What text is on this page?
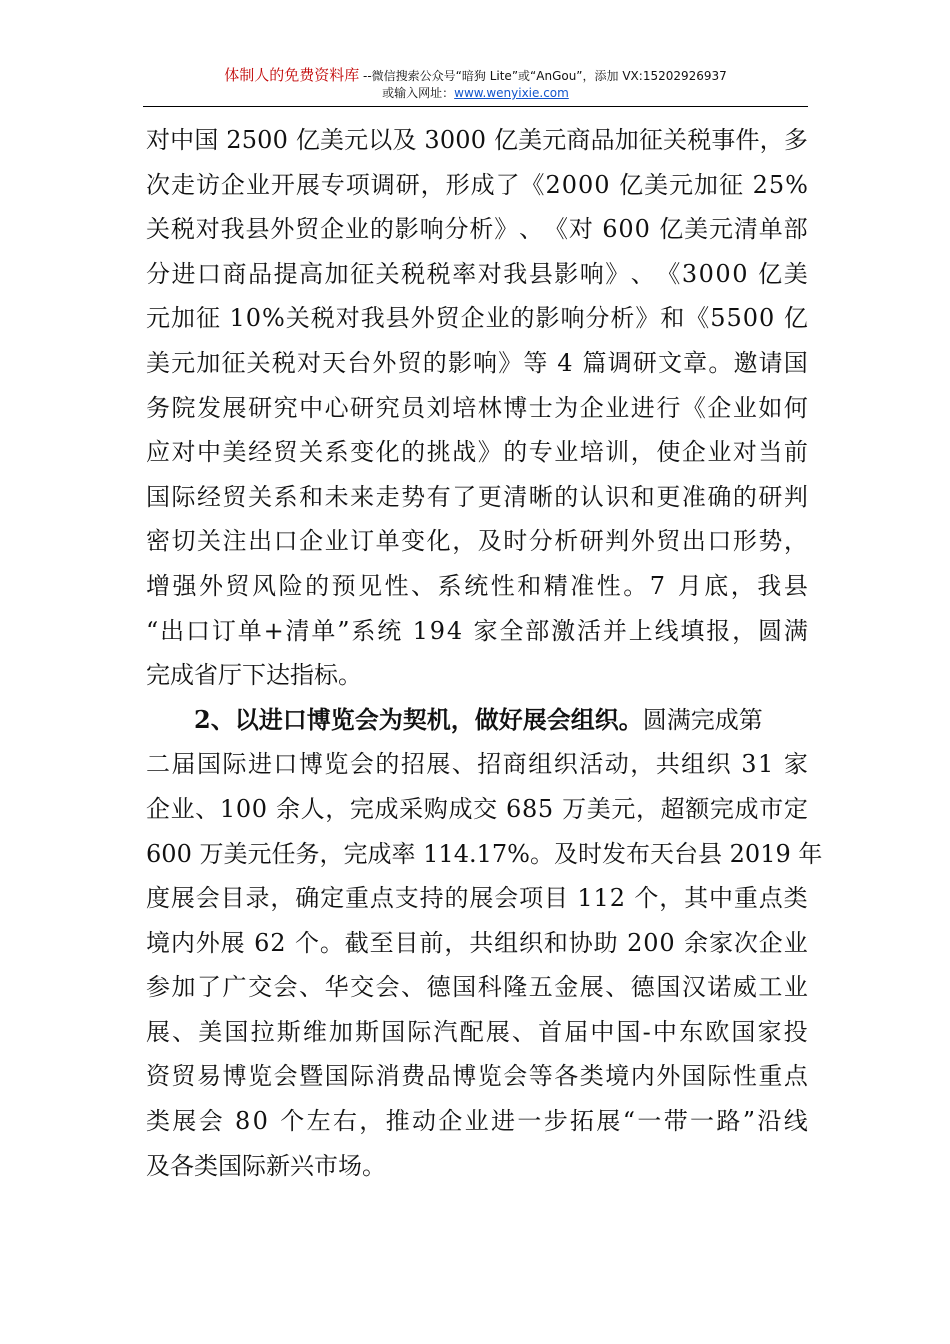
体制人的免费资料库 --微信搜索公众号“暗狗 Lite”或“AnGou”，添加 VX:15202926937
或输入网址：www.wenyixie.com
对 中 国
2 5 0 0
亿 美 元 以 及
3 0 0 0
亿 美 元 商 品 加 征 关 税 事 件 ， 多
次 走 访 企 业 开 展 专 项 调 研 ， 形 成 了 《 2 0 0 0
亿 美 元 加 征
2 5 %
关 税 对 我 县 外 贸 企 业 的 影 响 分 析 》 、 《 对
6 0 0
亿 美 元 清 单 部
分 进 口 商 品 提 高 加 征 关 税 税 率 对 我 县 影 响 》 、 《 3 0 0 0
亿 美
元 加 征
1 0 % 关 税 对 我 县 外 贸 企 业 的 影 响 分 析 》 和 《 5 5 0 0
亿
美 元 加 征 关 税 对 天 台 外 贸 的 影 响 》 等
4
篇 调 研 文 章 。 邀 请 国
务 院 发 展 研 究 中 心 研 究 员 刘 培 林 博 士 为 企 业 进 行 《 企 业 如 何
应 对 中 美 经 贸 关 系 变 化 的 挑 战 》 的 专 业 培 训 ， 使 企 业 对 当 前
国 际 经 贸 关 系 和 未 来 走 势 有 了 更 清 晰 的 认 识 和 更 准 确 的 研 判
密 切 关 注 出 口 企 业 订 单 变 化 ， 及 时 分 析 研 判 外 贸 出 口 形 势 ，
增 强 外 贸 风 险 的 预 见 性 、 系 统 性 和 精 准 性 。 7
月 底 ， 我 县
“ 出 口 订 单 + 清 单 ” 系 统
1 9 4
家 全 部 激 活 并 上 线 填 报 ， 圆 满
完成省厅下达指标。
2、以进口博览会为契机，做好展会组织。圆满完成第
二 届 国 际 进 口 博 览 会 的 招 展 、 招 商 组 织 活 动 ， 共 组 织
3 1
家
企 业 、 1 0 0
余 人 ， 完 成 采 购 成 交
6 8 5
万 美 元 ， 超 额 完 成 市 定
6 0 0
万 美 元 任 务 ， 完 成 率
1 1 4 . 1 7 % 。 及 时 发 布 天 台 县
2 0 1 9
年
度 展 会 目 录 ， 确 定 重 点 支 持 的 展 会 项 目
1 1 2
个 ， 其 中 重 点 类
境 内 外 展
6 2
个 。 截 至 目 前 ， 共 组 织 和 协 助
2 0 0
余 家 次 企 业
参 加 了 广 交 会 、 华 交 会 、 德 国 科 隆 五 金 展 、 德 国 汉 诺 威 工 业
展 、 美 国 拉 斯 维 加 斯 国 际 汽 配 展 、 首 届 中 国 - 中 东 欧 国 家 投
资 贸 易 博 览 会 暨 国 际 消 费 品 博 览 会 等 各 类 境 内 外 国 际 性 重 点
类 展 会
8 0
个 左 右 ， 推 动 企 业 进 一 步 拓 展 “ 一 带 一 路 ” 沿 线
及各类国际新兴市场。
